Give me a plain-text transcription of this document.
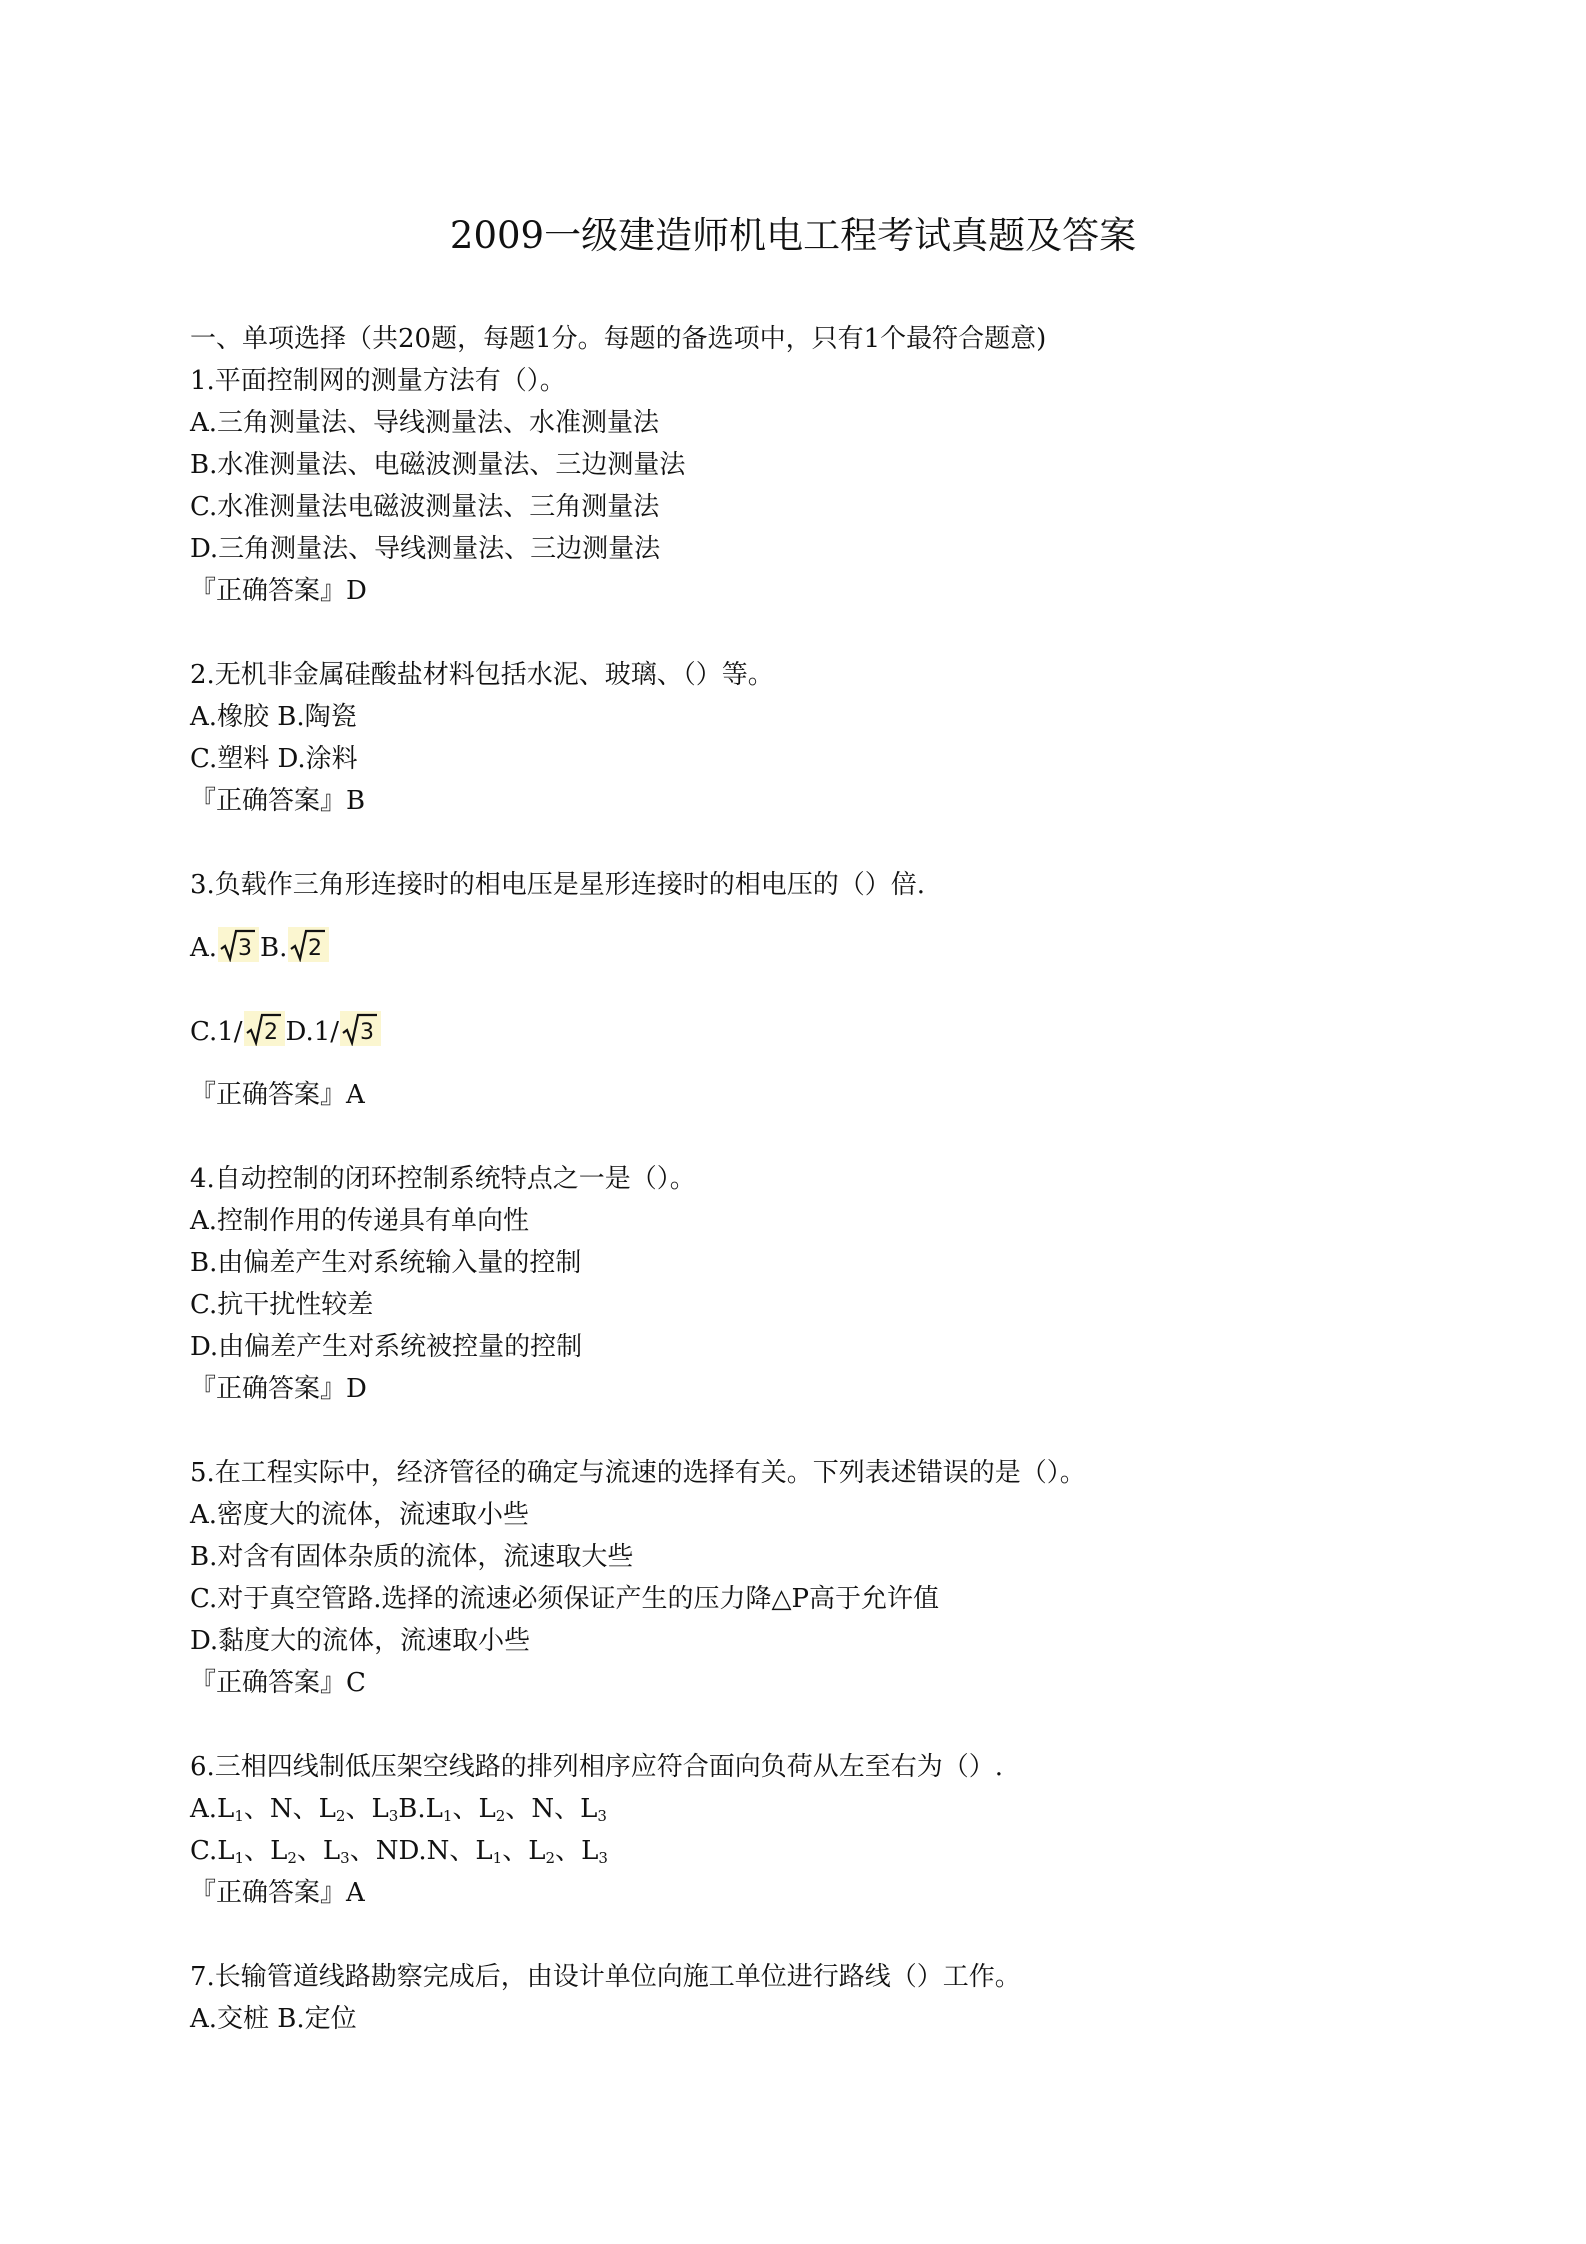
2009一级建造师机电工程考试真题及答案
一、单项选择（共20题，每题1分。每题的备选项中，只有1个最符合题意)
1.平面控制网的测量方法有（）。
A.三角测量法、导线测量法、水准测量法
B.水准测量法、电磁波测量法、三边测量法
C.水准测量法电磁波测量法、三角测量法
D.三角测量法、导线测量法、三边测量法
『正确答案』D
2.无机非金属硅酸盐材料包括水泥、玻璃、（）等。
A.橡胶 B.陶瓷
C.塑料 D.涂料
『正确答案』B
3.负载作三角形连接时的相电压是星形连接时的相电压的（）倍.
A. 3 B. 2
C.1/ 2 D.1/ 3
『正确答案』A
4.自动控制的闭环控制系统特点之一是（）。
A.控制作用的传递具有单向性
B.由偏差产生对系统输入量的控制
C.抗干扰性较差
D.由偏差产生对系统被控量的控制
『正确答案』D
5.在工程实际中，经济管径的确定与流速的选择有关。下列表述错误的是（）。
A.密度大的流体，流速取小些
B.对含有固体杂质的流体，流速取大些
C.对于真空管路.选择的流速必须保证产生的压力降△P高于允许值
D.黏度大的流体，流速取小些
『正确答案』C
6.三相四线制低压架空线路的排列相序应符合面向负荷从左至右为（）.
$A.L_1$、N、$L_2$、$L_3B.L_1$、$L_2$、N、$L_3$
$C.L_1$、$L_2$、$L_3$、ND.N、$L_1$、$L_2$、$L_3$
『正确答案』A
7.长输管道线路勘察完成后，由设计单位向施工单位进行路线（）工作。
A.交桩 B.定位
